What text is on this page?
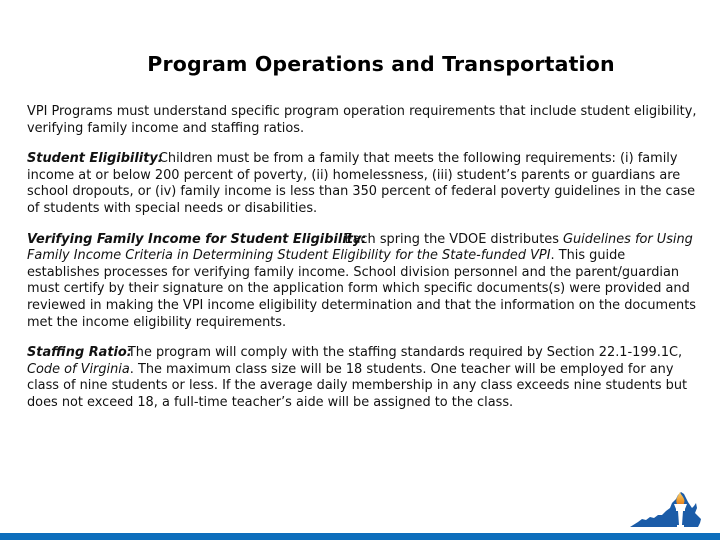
Program Operations and Transportation

VPI Programs must understand specific program operation requirements that include student eligibility, verifying family income and staffing ratios.

Student Eligibility:Children must be from a family that meets the following requirements: (i) family income at or below 200 percent of poverty, (ii) homelessness, (iii) student’s parents or guardians are school dropouts, or (iv) family income is less than 350 percent of federal poverty guidelines in the case of students with special needs or disabilities.

Verifying Family Income for Student Eligibility:Each spring the VDOE distributes Guidelines for Using Family Income Criteria in Determining Student Eligibility for the State-funded VPI. This guide establishes processes for verifying family income. School division personnel and the parent/guardian must certify by their signature on the application form which specific documents(s) were provided and reviewed in making the VPI income eligibility determination and that the information on the documents met the income eligibility requirements.

Staffing Ratio:The program will comply with the staffing standards required by Section 22.1-199.1C, Code of Virginia. The maximum class size will be 18 students. One teacher will be employed for any class of nine students or less. If the average daily membership in any class exceeds nine students but does not exceed 18, a full-time teacher’s aide will be assigned to the class.
